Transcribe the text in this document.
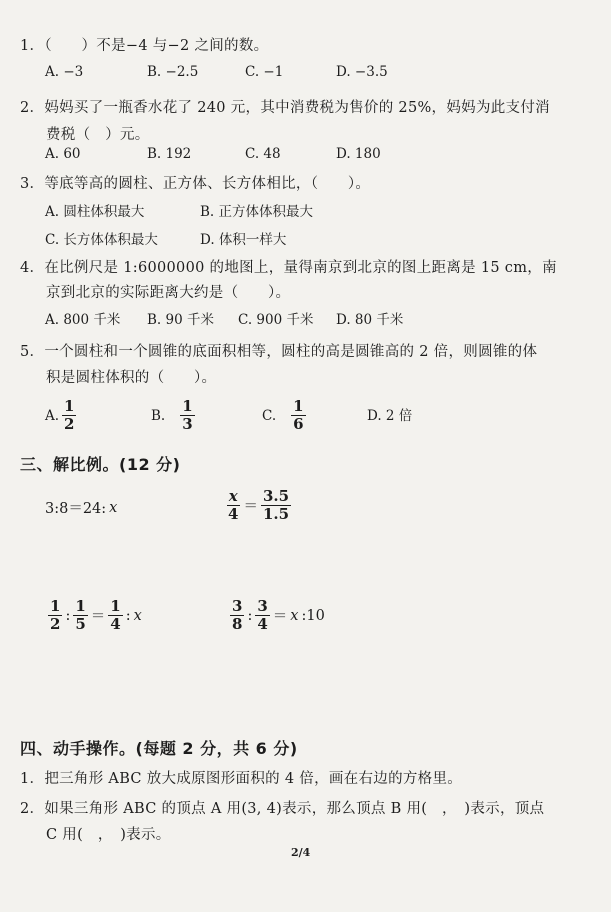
1．（　　）不是−4 与−2 之间的数。
A. −3	B. −2.5	C. −1	D. −3.5
2．妈妈买了一瓶香水花了 240 元，其中消费税为售价的 25%，妈妈为此支付消
费税（　）元。
A. 60	B. 192	C. 48	D. 180
3．等底等高的圆柱、正方体、长方体相比，（　　）。
A. 圆柱体积最大	B. 正方体体积最大
C. 长方体体积最大	D. 体积一样大
4．在比例尺是 1:6000000 的地图上，量得南京到北京的图上距离是 15 cm，南
京到北京的实际距离大约是（　　）。
A. 800 千米 B. 90 千米 C. 900 千米 D. 80 千米
5．一个圆柱和一个圆锥的底面积相等，圆柱的高是圆锥高的 2 倍，则圆锥的体
积是圆柱体积的（　　）。
A. $\frac{1}{2}$	B. $\frac{1}{3}$	C. $\frac{1}{6}$	D. 2 倍
三、解比例。(12 分)
3:8＝24: x	$\frac{x}{4} = \frac{3.5}{1.5}$
$\frac{1}{2}$ : $\frac{1}{5} = \frac{1}{4}$ : x	$\frac{3}{8}$ : $\frac{3}{4} = x$ :10
四、动手操作。(每题 2 分，共 6 分)
1．把三角形 ABC 放大成原图形面积的 4 倍，画在右边的方格里。
2．如果三角形 ABC 的顶点 A 用(3, 4)表示，那么顶点 B 用(　，　)表示，顶点
C 用(　，　)表示。
2/4
